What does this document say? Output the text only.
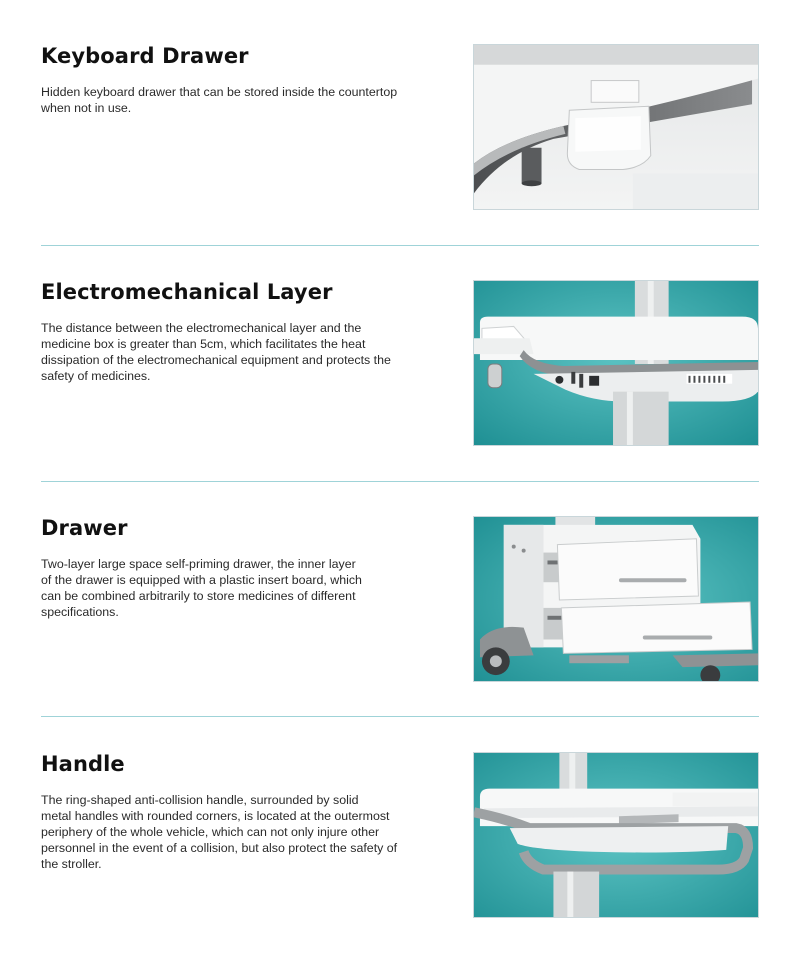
Keyboard Drawer

Hidden keyboard drawer that can be stored inside the countertop
when not in use.

Electromechanical Layer

The distance between the electromechanical layer and the
medicine box is greater than 5cm, which facilitates the heat
dissipation of the electromechanical equipment and protects the
safety of medicines.

Drawer

Two-layer large space self-priming drawer, the inner layer
of the drawer is equipped with a plastic insert board, which
can be combined arbitrarily to store medicines of different
specifications.

Handle

The ring-shaped anti-collision handle, surrounded by solid
metal handles with rounded corners, is located at the outermost
periphery of the whole vehicle, which can not only injure other
personnel in the event of a collision, but also protect the safety of
the stroller.
